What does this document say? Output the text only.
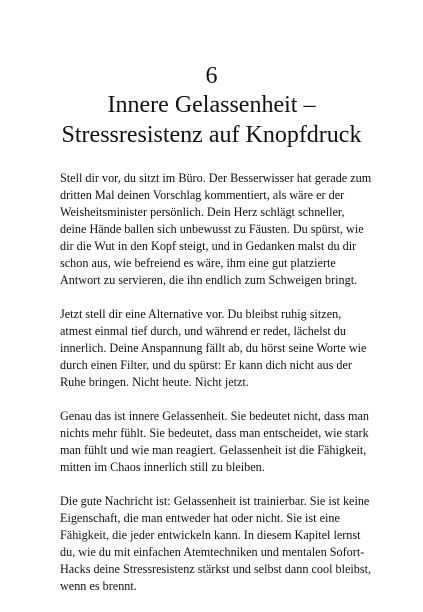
6
Innere Gelassenheit –
Stressresistenz auf Knopfdruck

Stell dir vor, du sitzt im Büro. Der Besserwisser hat gerade zum
dritten Mal deinen Vorschlag kommentiert, als wäre er der
Weisheitsminister persönlich. Dein Herz schlägt schneller,
deine Hände ballen sich unbewusst zu Fäusten. Du spürst, wie
dir die Wut in den Kopf steigt, und in Gedanken malst du dir
schon aus, wie befreiend es wäre, ihm eine gut platzierte
Antwort zu servieren, die ihn endlich zum Schweigen bringt.

Jetzt stell dir eine Alternative vor. Du bleibst ruhig sitzen,
atmest einmal tief durch, und während er redet, lächelst du
innerlich. Deine Anspannung fällt ab, du hörst seine Worte wie
durch einen Filter, und du spürst: Er kann dich nicht aus der
Ruhe bringen. Nicht heute. Nicht jetzt.

Genau das ist innere Gelassenheit. Sie bedeutet nicht, dass man
nichts mehr fühlt. Sie bedeutet, dass man entscheidet, wie stark
man fühlt und wie man reagiert. Gelassenheit ist die Fähigkeit,
mitten im Chaos innerlich still zu bleiben.

Die gute Nachricht ist: Gelassenheit ist trainierbar. Sie ist keine
Eigenschaft, die man entweder hat oder nicht. Sie ist eine
Fähigkeit, die jeder entwickeln kann. In diesem Kapitel lernst
du, wie du mit einfachen Atemtechniken und mentalen Sofort-
Hacks deine Stressresistenz stärkst und selbst dann cool bleibst,
wenn es brennt.
